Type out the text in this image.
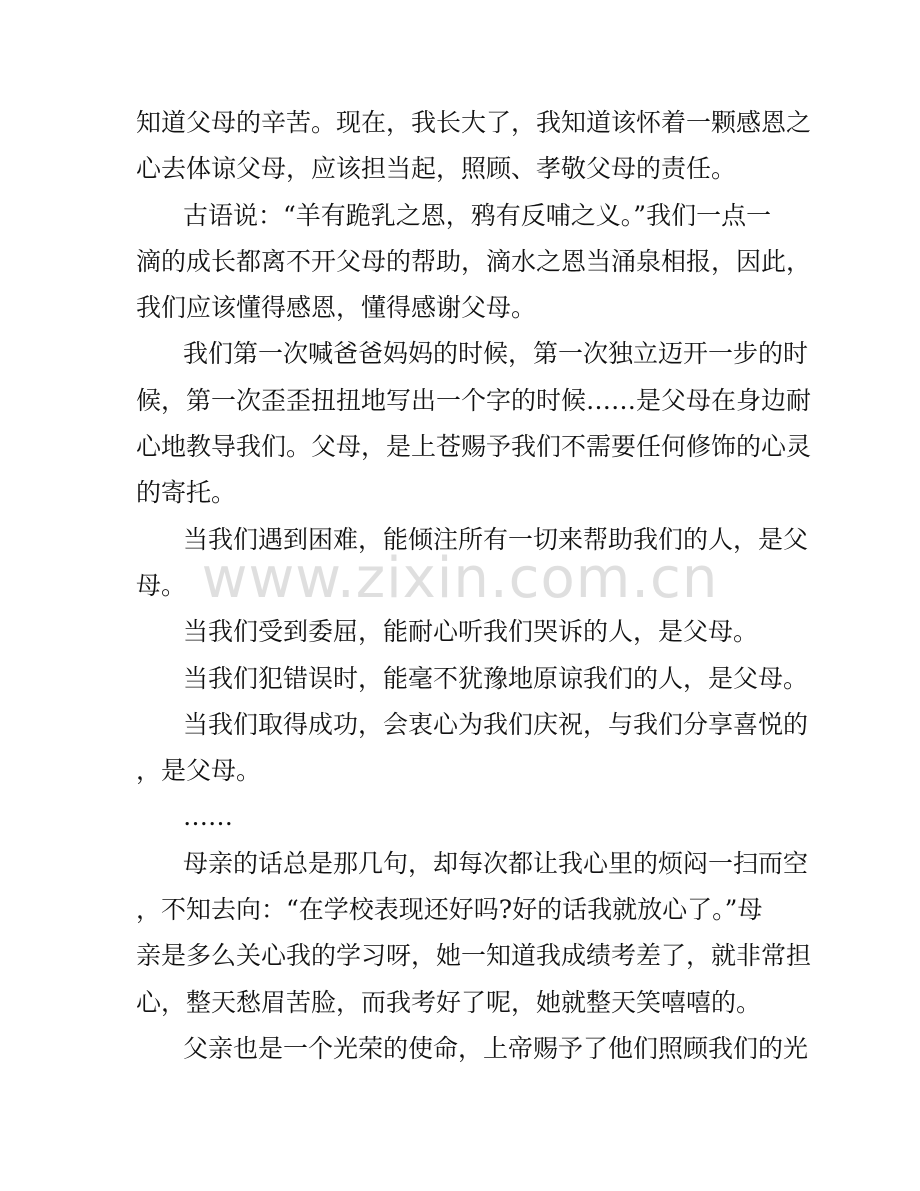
知道父母的辛苦。现在，我长大了，我知道该怀着一颗感恩之
心去体谅父母，应该担当起，照顾、孝敬父母的责任。
古语说：“羊有跪乳之恩，鸦有反哺之义。”我们一点一
滴的成长都离不开父母的帮助，滴水之恩当涌泉相报，因此，
我们应该懂得感恩，懂得感谢父母。
我们第一次喊爸爸妈妈的时候，第一次独立迈开一步的时
候，第一次歪歪扭扭地写出一个字的时候……是父母在身边耐
心地教导我们。父母，是上苍赐予我们不需要任何修饰的心灵
的寄托。
当我们遇到困难，能倾注所有一切来帮助我们的人，是父
母。
当我们受到委屈，能耐心听我们哭诉的人，是父母。
当我们犯错误时，能毫不犹豫地原谅我们的人，是父母。
当我们取得成功，会衷心为我们庆祝，与我们分享喜悦的
，是父母。
……
母亲的话总是那几句，却每次都让我心里的烦闷一扫而空
，不知去向：“在学校表现还好吗?好的话我就放心了。”母
亲是多么关心我的学习呀，她一知道我成绩考差了，就非常担
心，整天愁眉苦脸，而我考好了呢，她就整天笑嘻嘻的。
父亲也是一个光荣的使命，上帝赐予了他们照顾我们的光
www.zixin.com.cn
